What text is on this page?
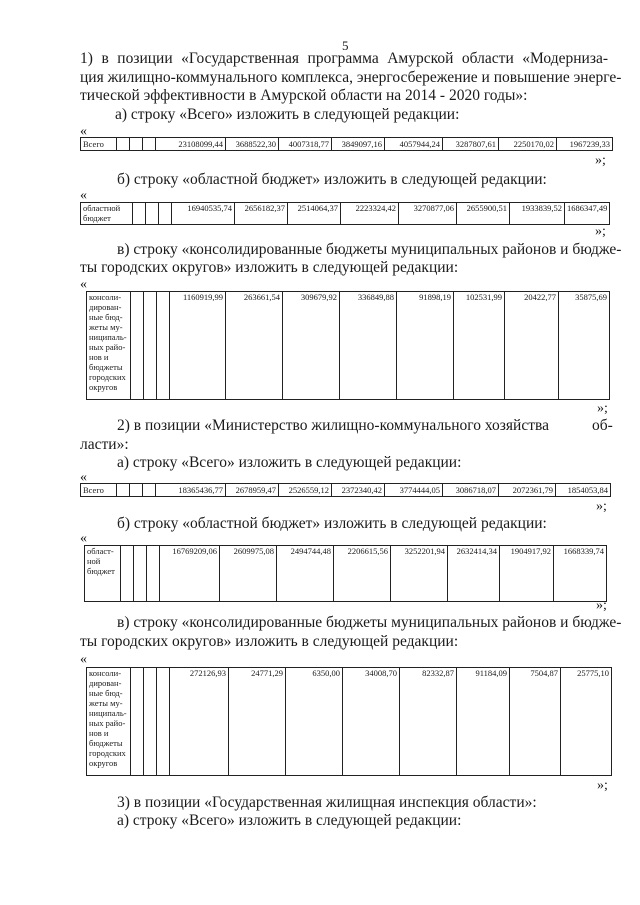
5
1) в позиции «Государственная программа Амурской области «Модерниза-
ция жилищно-коммунального комплекса, энергосбережение и повышение энерге-
тической эффективности в Амурской области на 2014 - 2020 годы»:
а) строку «Всего» изложить в следующей редакции:
«
Всего				23108099,44	3688522,30	4007318,77	3849097,16	4057944,24	3287807,61	2250170,02	1967239,33
»;
б) строку «областной бюджет» изложить в следующей редакции:
«
областной бюджет				16940535,74	2656182,37	2514064,37	2223324,42	3270877,06	2655900,51	1933839,52	1686347,49
»;
в) строку «консолидированные бюджеты муниципальных районов и бюдже-
ты городских округов» изложить в следующей редакции:
«
консоли-дирован-ные бюд-жеты му-ниципаль-ных райо-нов и бюджеты городских округов				1160919,99	263661,54	309679,92	336849,88	91898,19	102531,99	20422,77	35875,69
»;
2) в позиции «Министерство жилищно-коммунального хозяйства	об-
ласти»:
а) строку «Всего» изложить в следующей редакции:
«
Всего				18365436,77	2678959,47	2526559,12	2372340,42	3774444,05	3086718,07	2072361,79	1854053,84
»;
б) строку «областной бюджет» изложить в следующей редакции:
«
област-ной бюджет				16769209,06	2609975,08	2494744,48	2206615,56	3252201,94	2632414,34	1904917,92	1668339,74
»;
в) строку «консолидированные бюджеты муниципальных районов и бюдже-
ты городских округов» изложить в следующей редакции:
«
консоли-дирован-ные бюд-жеты му-ниципаль-ных райо-нов и бюджеты городских округов				272126,93	24771,29	6350,00	34008,70	82332,87	91184,09	7504,87	25775,10
»;
3) в позиции «Государственная жилищная инспекция области»:
а) строку «Всего» изложить в следующей редакции:
